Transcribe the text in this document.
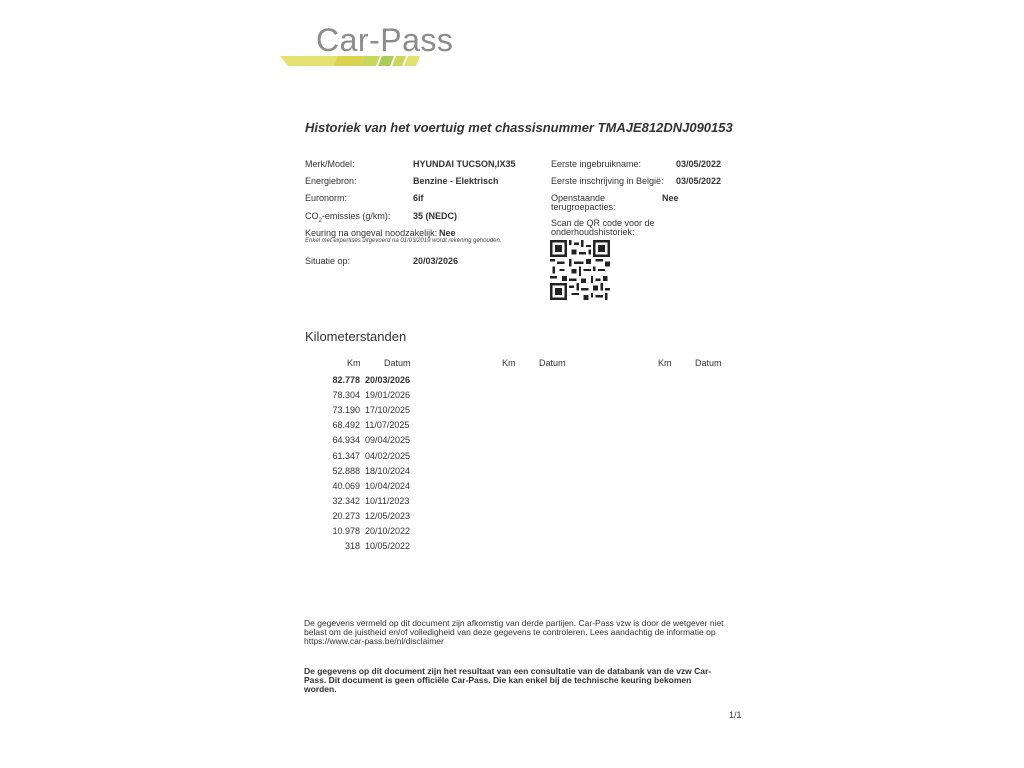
Car-Pass
Historiek van het voertuig met chassisnummer TMAJE812DNJ090153
Merk/Model:	HYUNDAI TUCSON,IX35
Energiebron:	Benzine - Elektrisch
Euronorm:	6if
$CO_2$-emissies (g/km):	35 (NEDC)
Keuring na ongeval noodzakelijk: Nee
Enkel met expertises uitgevoerd na 01/03/2019 wordt rekening gehouden.
Situatie op:	20/03/2026
Eerste ingebruikname:	03/05/2022
Eerste inschrijving in België: 03/05/2022
Openstaande
terugroepacties:
Nee
Scan de QR code voor de
onderhoudshistoriek:
Kilometerstanden
Km	Datum	Km	Datum	Km	Datum
82.778 20/03/2026
78.304 19/01/2026
73.190 17/10/2025
68.492 11/07/2025
64.934 09/04/2025
61.347 04/02/2025
52.888 18/10/2024
40.069 10/04/2024
32.342 10/11/2023
20.273 12/05/2023
10.978 20/10/2022
318 10/05/2022
De gegevens vermeld op dit document zijn afkomstig van derde partijen. Car-Pass vzw is door de wetgever niet belast om de juistheid en/of volledigheid van deze gegevens te controleren. Lees aandachtig de informatie op https://www.car-pass.be/nl/disclaimer
De gegevens op dit document zijn het resultaat van een consultatie van de databank van de vzw Car-Pass. Dit document is geen officiële Car-Pass. Die kan enkel bij de technische keuring bekomen worden.
1/1
